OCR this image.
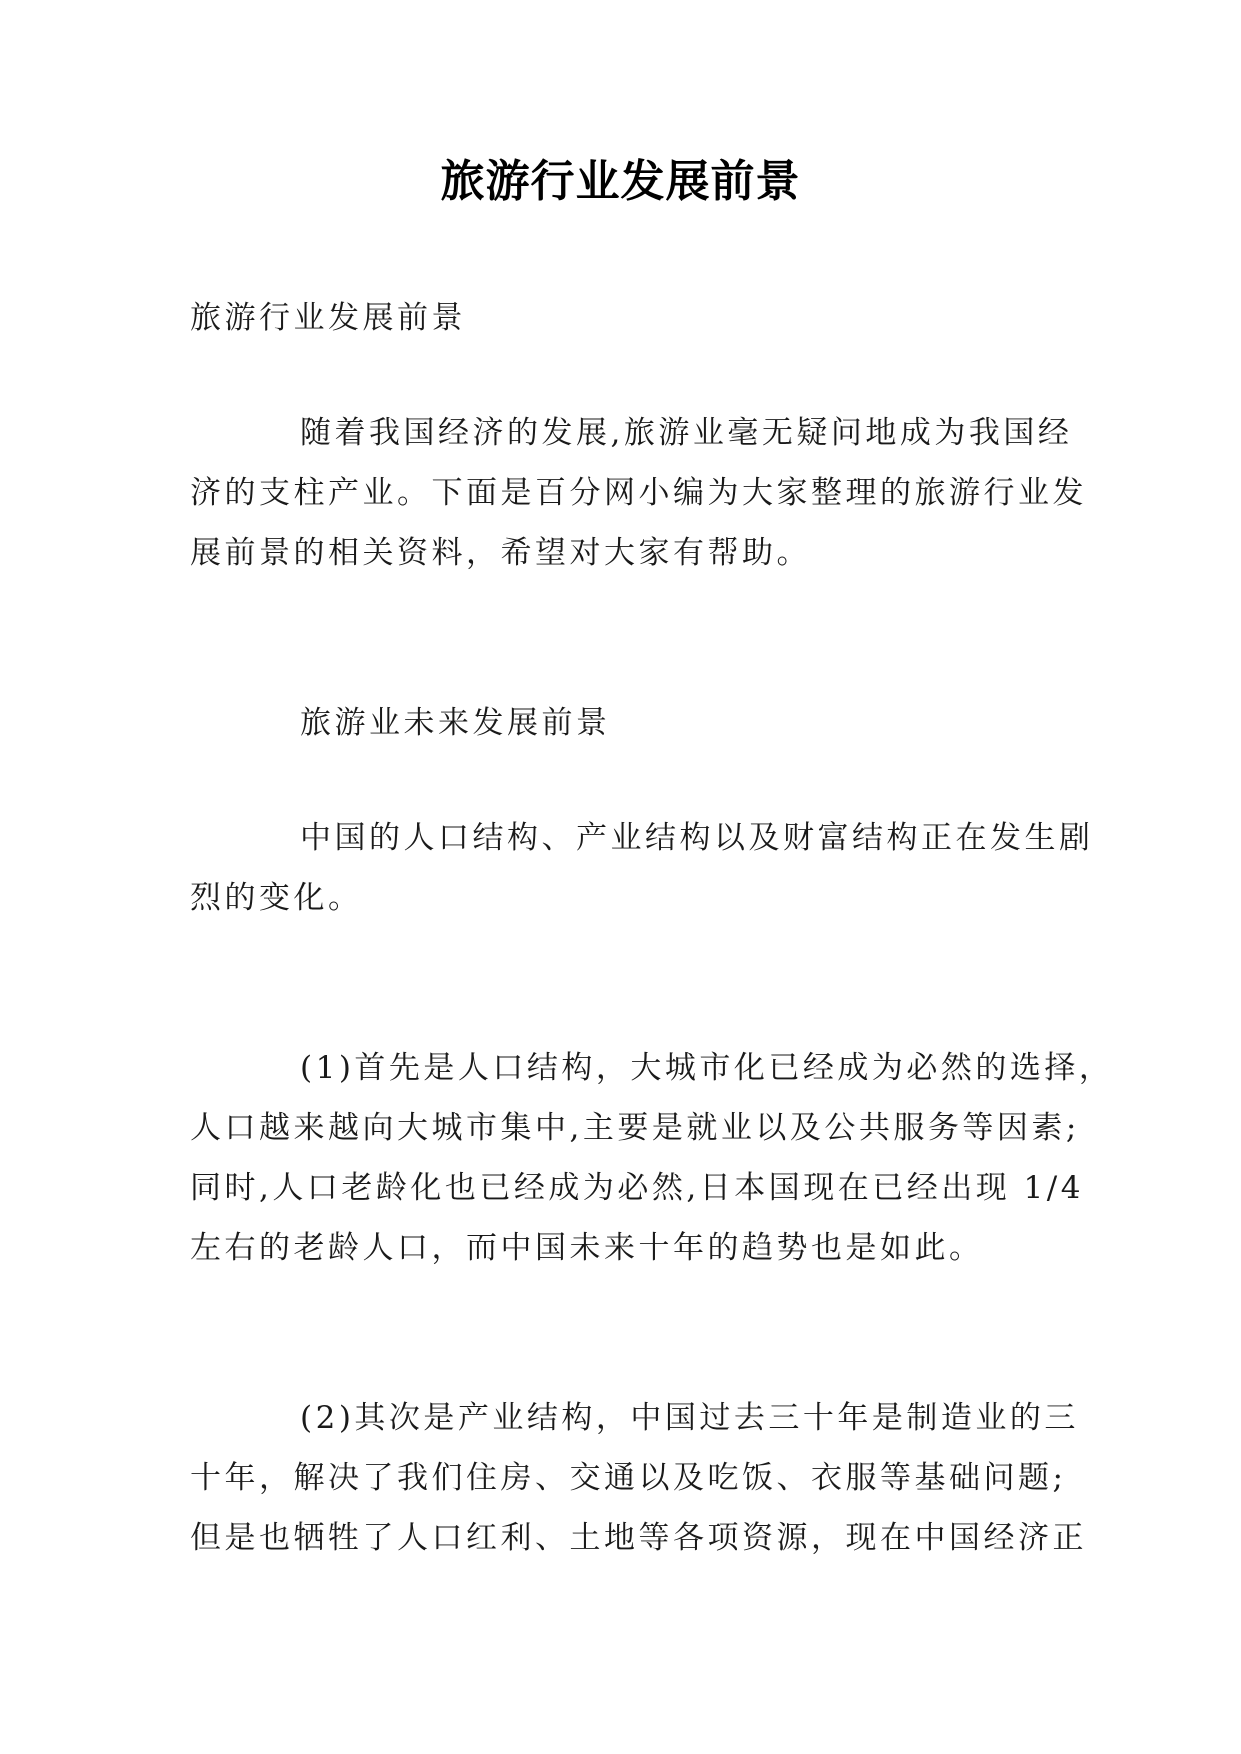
旅游行业发展前景
旅游行业发展前景
随着我国经济的发展,旅游业毫无疑问地成为我国经
济的支柱产业。下面是百分网小编为大家整理的旅游行业发
展前景的相关资料，希望对大家有帮助。
旅游业未来发展前景
中国的人口结构、产业结构以及财富结构正在发生剧
烈的变化。
(1)首先是人口结构，大城市化已经成为必然的选择，
人口越来越向大城市集中,主要是就业以及公共服务等因素;
同时,人口老龄化也已经成为必然,日本国现在已经出现 1/4
左右的老龄人口，而中国未来十年的趋势也是如此。
(2)其次是产业结构，中国过去三十年是制造业的三
十年，解决了我们住房、交通以及吃饭、衣服等基础问题;
但是也牺牲了人口红利、土地等各项资源，现在中国经济正
